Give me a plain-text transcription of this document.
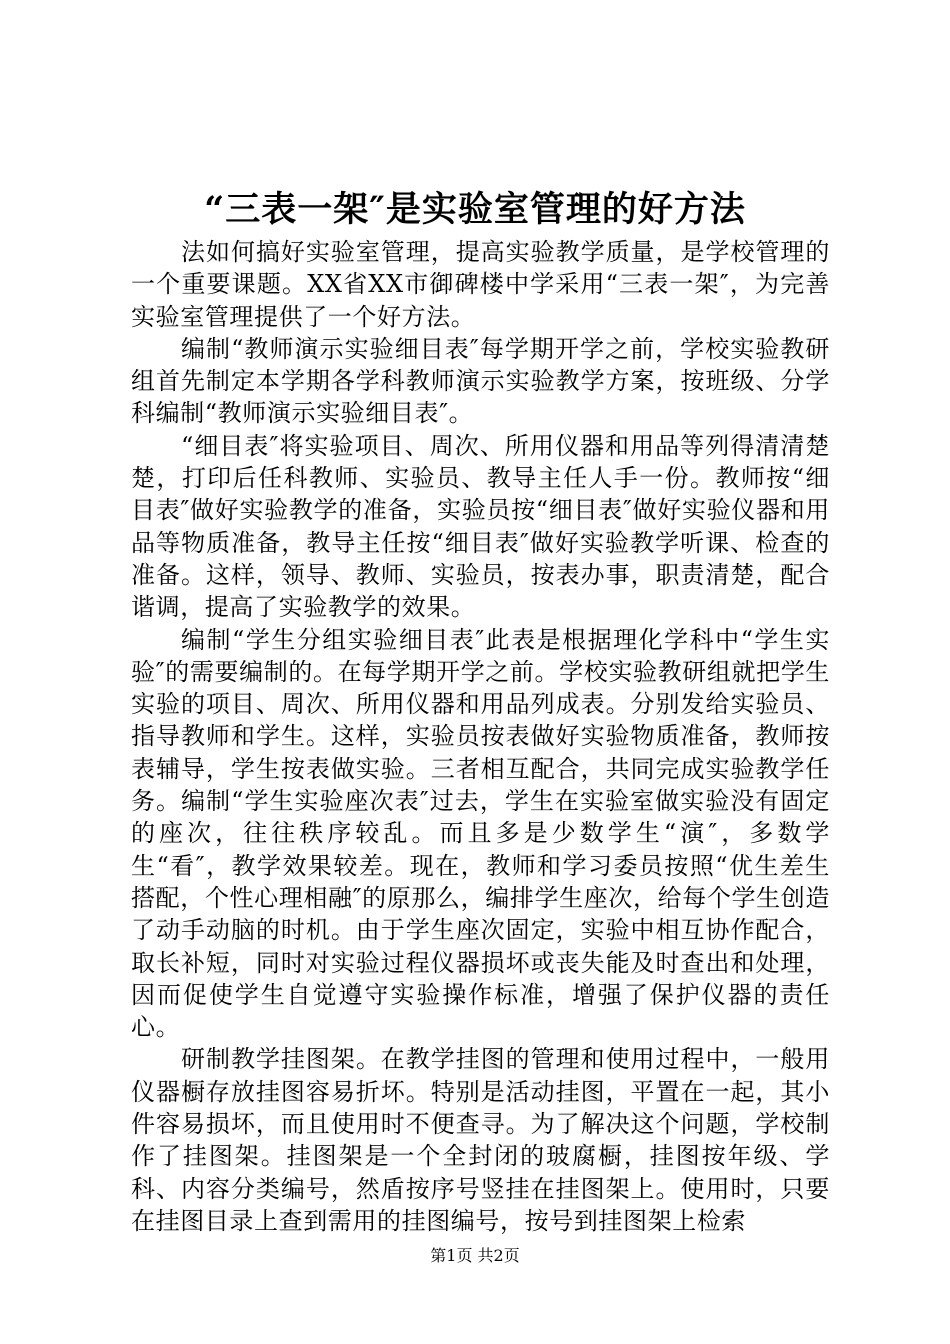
“三表一架″是实验室管理的好方法

法如何搞好实验室管理，提高实验教学质量，是学校管理的一个重要课题。XX省XX市御碑楼中学采用“三表一架″，为完善实验室管理提供了一个好方法。

编制“教师演示实验细目表″每学期开学之前，学校实验教研组首先制定本学期各学科教师演示实验教学方案，按班级、分学科编制“教师演示实验细目表″。

“细目表″将实验项目、周次、所用仪器和用品等列得清清楚楚，打印后任科教师、实验员、教导主任人手一份。教师按“细目表″做好实验教学的准备，实验员按“细目表″做好实验仪器和用品等物质准备，教导主任按“细目表″做好实验教学听课、检查的准备。这样，领导、教师、实验员，按表办事，职责清楚，配合谐调，提高了实验教学的效果。

编制“学生分组实验细目表″此表是根据理化学科中“学生实验″的需要编制的。在每学期开学之前。学校实验教研组就把学生实验的项目、周次、所用仪器和用品列成表。分别发给实验员、指导教师和学生。这样，实验员按表做好实验物质准备，教师按表辅导，学生按表做实验。三者相互配合，共同完成实验教学任务。编制“学生实验座次表″过去，学生在实验室做实验没有固定的座次，往往秩序较乱。而且多是少数学生“演″，多数学生“看″，教学效果较差。现在，教师和学习委员按照“优生差生搭配，个性心理相融″的原那么，编排学生座次，给每个学生创造了动手动脑的时机。由于学生座次固定，实验中相互协作配合，取长补短，同时对实验过程仪器损坏或丧失能及时查出和处理，因而促使学生自觉遵守实验操作标准，增强了保护仪器的责任心。

研制教学挂图架。在教学挂图的管理和使用过程中，一般用仪器橱存放挂图容易折坏。特别是活动挂图，平置在一起，其小件容易损坏，而且使用时不便查寻。为了解决这个问题，学校制作了挂图架。挂图架是一个全封闭的玻腐橱，挂图按年级、学科、内容分类编号，然盾按序号竖挂在挂图架上。使用时，只要在挂图目录上查到需用的挂图编号，按号到挂图架上检索

第1页 共2页
